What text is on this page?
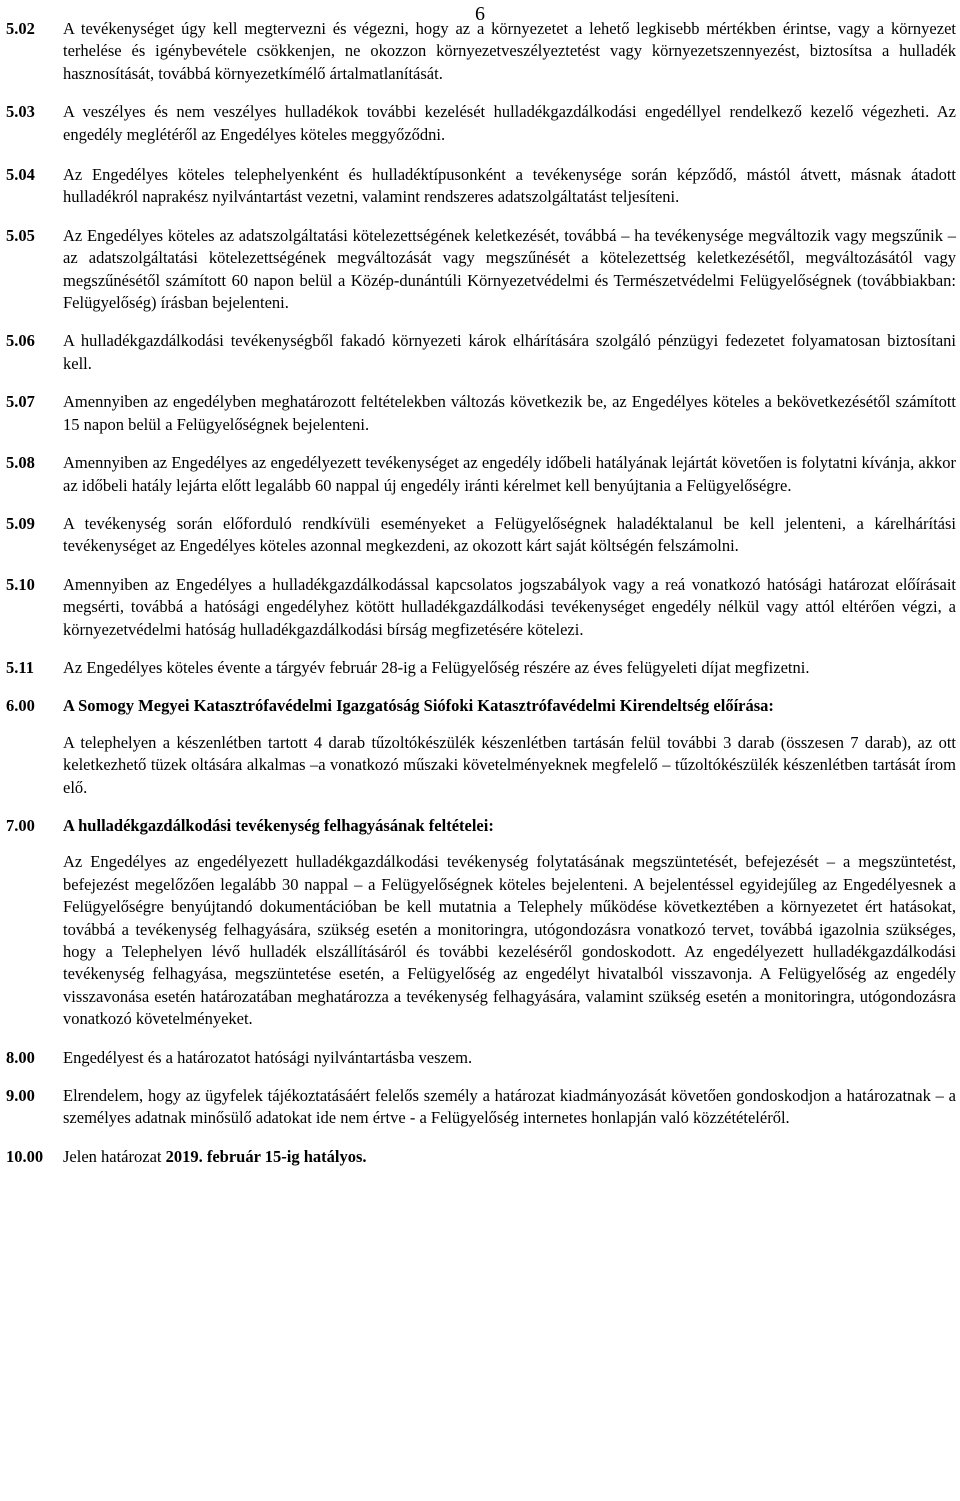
6
5.02	A tevékenységet úgy kell megtervezni és végezni, hogy az a környezetet a lehető legkisebb mértékben érintse, vagy a környezet terhelése és igénybevétele csökkenjen, ne okozzon környezetveszélyeztetést vagy környezetszennyezést, biztosítsa a hulladék hasznosítását, továbbá környezetkímélő ártalmatlanítását.

5.03	A veszélyes és nem veszélyes hulladékok további kezelését hulladékgazdálkodási engedéllyel rendelkező kezelő végezheti. Az engedély meglétéről az Engedélyes köteles meggyőződni.

5.04	Az Engedélyes köteles telephelyenként és hulladéktípusonként a tevékenysége során képződő, mástól átvett, másnak átadott hulladékról naprakész nyilvántartást vezetni, valamint rendszeres adatszolgáltatást teljesíteni.

5.05	Az Engedélyes köteles az adatszolgáltatási kötelezettségének keletkezését, továbbá – ha tevékenysége megváltozik vagy megszűnik – az adatszolgáltatási kötelezettségének megváltozását vagy megszűnését a kötelezettség keletkezésétől, megváltozásától vagy megszűnésétől számított 60 napon belül a Közép-dunántúli Környezetvédelmi és Természetvédelmi Felügyelőségnek (továbbiakban: Felügyelőség) írásban bejelenteni.

5.06	A hulladékgazdálkodási tevékenységből fakadó környezeti károk elhárítására szolgáló pénzügyi fedezetet folyamatosan biztosítani kell.

5.07	Amennyiben az engedélyben meghatározott feltételekben változás következik be, az Engedélyes köteles a bekövetkezésétől számított 15 napon belül a Felügyelőségnek bejelenteni.

5.08	Amennyiben az Engedélyes az engedélyezett tevékenységet az engedély időbeli hatályának lejártát követően is folytatni kívánja, akkor az időbeli hatály lejárta előtt legalább 60 nappal új engedély iránti kérelmet kell benyújtania a Felügyelőségre.

5.09	A tevékenység során előforduló rendkívüli eseményeket a Felügyelőségnek haladéktalanul be kell jelenteni, a kárelhárítási tevékenységet az Engedélyes köteles azonnal megkezdeni, az okozott kárt saját költségén felszámolni.

5.10	Amennyiben az Engedélyes a hulladékgazdálkodással kapcsolatos jogszabályok vagy a reá vonatkozó hatósági határozat előírásait megsérti, továbbá a hatósági engedélyhez kötött hulladékgazdálkodási tevékenységet engedély nélkül vagy attól eltérően végzi, a környezetvédelmi hatóság hulladékgazdálkodási bírság megfizetésére kötelezi.

5.11	Az Engedélyes köteles évente a tárgyév február 28-ig a Felügyelőség részére az éves felügyeleti díjat megfizetni.

6.00	A Somogy Megyei Katasztrófavédelmi Igazgatóság Siófoki Katasztrófavédelmi Kirendeltség előírása:

A telephelyen a készenlétben tartott 4 darab tűzoltókészülék készenlétben tartásán felül további 3 darab (összesen 7 darab), az ott keletkezhető tüzek oltására alkalmas –a vonatkozó műszaki követelményeknek megfelelő – tűzoltókészülék készenlétben tartását írom elő.

7.00	A hulladékgazdálkodási tevékenység felhagyásának feltételei:

Az Engedélyes az engedélyezett hulladékgazdálkodási tevékenység folytatásának megszüntetését, befejezését – a megszüntetést, befejezést megelőzően legalább 30 nappal – a Felügyelőségnek köteles bejelenteni. A bejelentéssel egyidejűleg az Engedélyesnek a Felügyelőségre benyújtandó dokumentációban be kell mutatnia a Telephely működése következtében a környezetet ért hatásokat, továbbá a tevékenység felhagyására, szükség esetén a monitoringra, utógondozásra vonatkozó tervet, továbbá igazolnia szükséges, hogy a Telephelyen lévő hulladék elszállításáról és további kezeléséről gondoskodott. Az engedélyezett hulladékgazdálkodási tevékenység felhagyása, megszüntetése esetén, a Felügyelőség az engedélyt hivatalból visszavonja. A Felügyelőség az engedély visszavonása esetén határozatában meghatározza a tevékenység felhagyására, valamint szükség esetén a monitoringra, utógondozásra vonatkozó követelményeket.

8.00	Engedélyest és a határozatot hatósági nyilvántartásba veszem.

9.00	Elrendelem, hogy az ügyfelek tájékoztatásáért felelős személy a határozat kiadmányozását követően gondoskodjon a határozatnak – a személyes adatnak minősülő adatokat ide nem értve - a Felügyelőség internetes honlapján való közzétételéről.

10.00	Jelen határozat 2019. február 15-ig hatályos.
